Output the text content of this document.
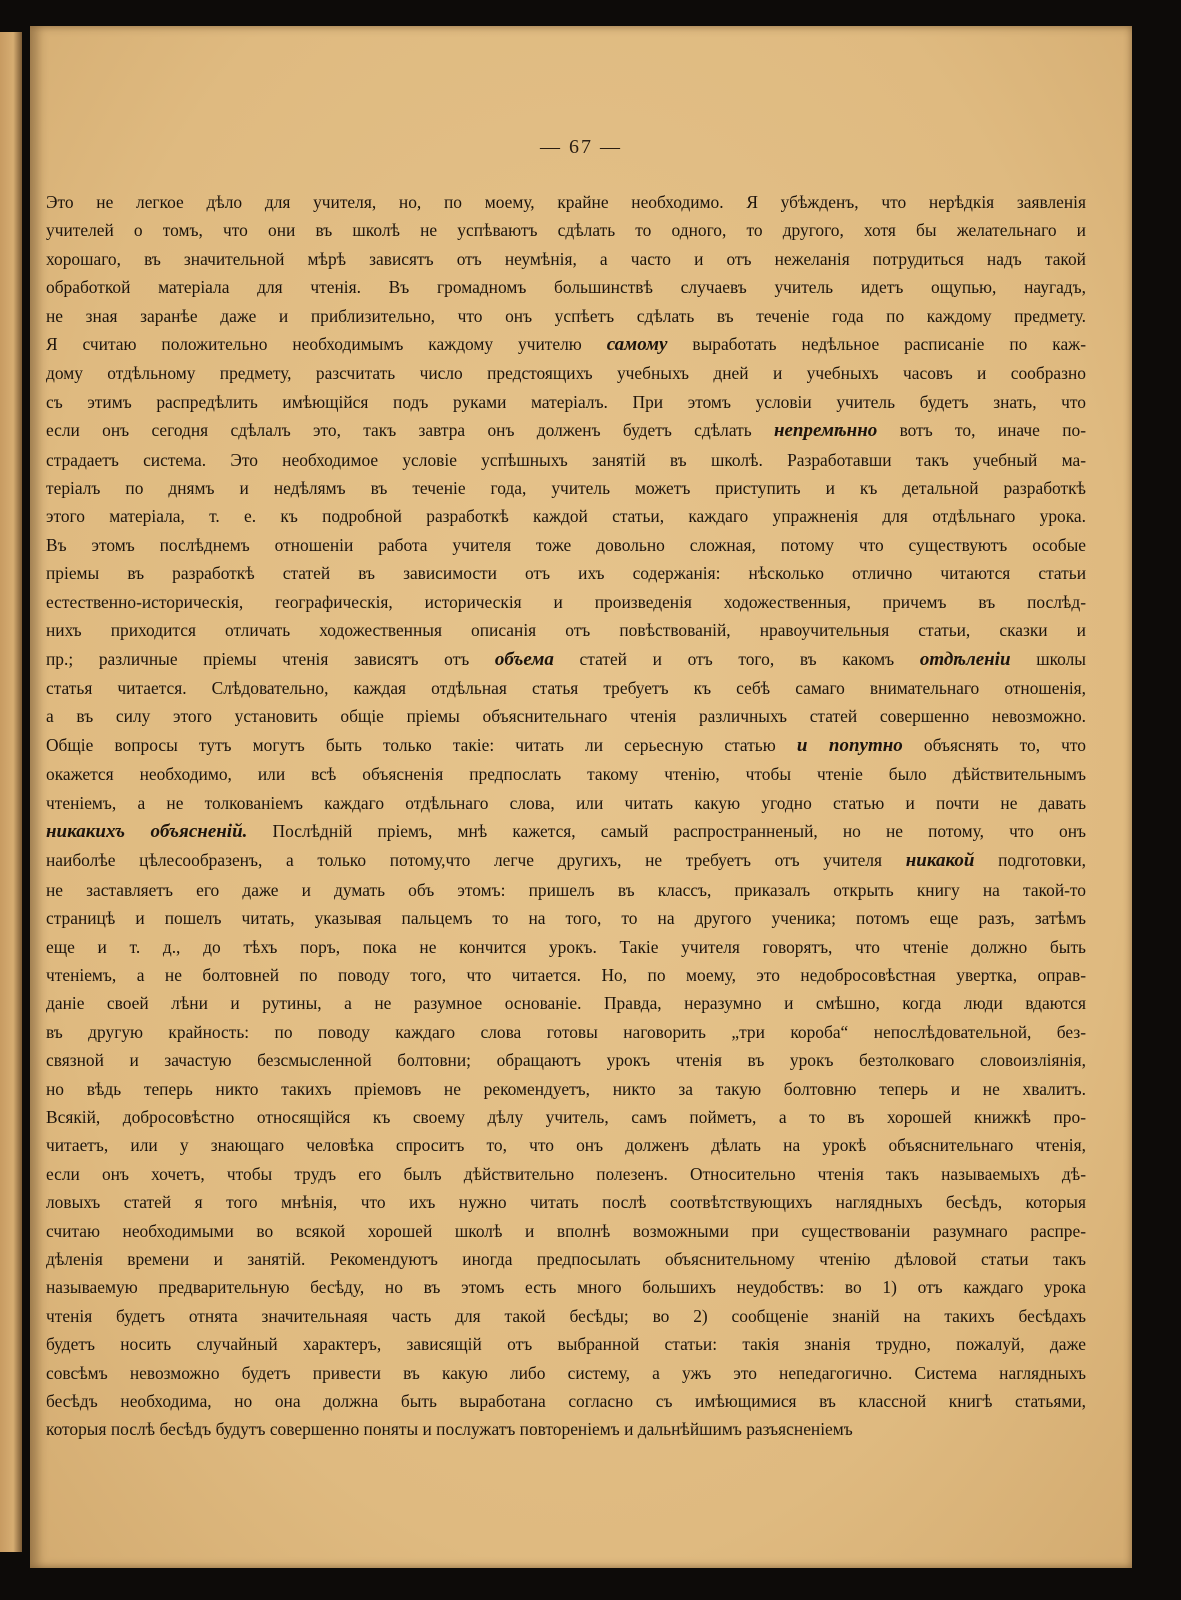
— 67 —
Это не легкое дѣло для учителя, но, по моему, крайне необходимо. Я убѣжденъ, что нерѣдкія заявленія
учителей о томъ, что они въ школѣ не успѣваютъ сдѣлать то одного, то другого, хотя бы желательнаго и
хорошаго, въ значительной мѣрѣ зависятъ отъ неумѣнія, а часто и отъ нежеланія потрудиться надъ такой
обработкой матеріала для чтенія. Въ громадномъ большинствѣ случаевъ учитель идетъ ощупью, наугадъ,
не зная заранѣе даже и приблизительно, что онъ успѣетъ сдѣлать въ теченіе года по каждому предмету.
Я считаю положительно необходимымъ каждому учителю самому выработать недѣльное расписаніе по каж-
дому отдѣльному предмету, разсчитать число предстоящихъ учебныхъ дней и учебныхъ часовъ и сообразно
съ этимъ распредѣлить имѣющійся подъ руками матеріалъ. При этомъ условіи учитель будетъ знать, что
если онъ сегодня сдѣлалъ это, такъ завтра онъ долженъ будетъ сдѣлать непремѣнно вотъ то, иначе по-
страдаетъ система. Это необходимое условіе успѣшныхъ занятій въ школѣ. Разработавши такъ учебный ма-
теріалъ по днямъ и недѣлямъ въ теченіе года, учитель можетъ приступить и къ детальной разработкѣ
этого матеріала, т. е. къ подробной разработкѣ каждой статьи, каждаго упражненія для отдѣльнаго урока.
Въ этомъ послѣднемъ отношеніи работа учителя тоже довольно сложная, потому что существуютъ особые
пріемы въ разработкѣ статей въ зависимости отъ ихъ содержанія: нѣсколько отлично читаются статьи
естественно-историческія, географическія, историческія и произведенія ходожественныя, причемъ въ послѣд-
нихъ приходится отличать ходожественныя описанія отъ повѣствованій, нравоучительныя статьи, сказки и
пр.; различные пріемы чтенія зависятъ отъ объема статей и отъ того, въ какомъ отдѣленіи школы
статья читается. Слѣдовательно, каждая отдѣльная статья требуетъ къ себѣ самаго внимательнаго отношенія,
а въ силу этого установить общіе пріемы объяснительнаго чтенія различныхъ статей совершенно невозможно.
Общіе вопросы тутъ могутъ быть только такіе: читать ли серьесную статью и попутно объяснять то, что
окажется необходимо, или всѣ объясненія предпослать такому чтенію, чтобы чтеніе было дѣйствительнымъ
чтеніемъ, а не толкованіемъ каждаго отдѣльнаго слова, или читать какую угодно статью и почти не давать
никакихъ объясненій. Послѣдній пріемъ, мнѣ кажется, самый распространненый, но не потому, что онъ
наиболѣе цѣлесообразенъ, а только потому,что легче другихъ, не требуетъ отъ учителя никакой подготовки,
не заставляетъ его даже и думать объ этомъ: пришелъ въ классъ, приказалъ открыть книгу на такой-то
страницѣ и пошелъ читать, указывая пальцемъ то на того, то на другого ученика; потомъ еще разъ, затѣмъ
еще и т. д., до тѣхъ поръ, пока не кончится урокъ. Такіе учителя говорятъ, что чтеніе должно быть
чтеніемъ, а не болтовней по поводу того, что читается. Но, по моему, это недобросовѣстная увертка, оправ-
даніе своей лѣни и рутины, а не разумное основаніе. Правда, неразумно и смѣшно, когда люди вдаются
въ другую крайность: по поводу каждаго слова готовы наговорить „три короба“ непослѣдовательной, без-
связной и зачастую безсмысленной болтовни; обращаютъ урокъ чтенія въ урокъ безтолковаго словоизліянія,
но вѣдь теперь никто такихъ пріемовъ не рекомендуетъ, никто за такую болтовню теперь и не хвалитъ.
Всякій, добросовѣстно относящійся къ своему дѣлу учитель, самъ пойметъ, а то въ хорошей книжкѣ про-
читаетъ, или у знающаго человѣка спроситъ то, что онъ долженъ дѣлать на урокѣ объяснительнаго чтенія,
если онъ хочетъ, чтобы трудъ его былъ дѣйствительно полезенъ. Относительно чтенія такъ называемыхъ дѣ-
ловыхъ статей я того мнѣнія, что ихъ нужно читать послѣ соотвѣтствующихъ наглядныхъ бесѣдъ, которыя
считаю необходимыми во всякой хорошей школѣ и вполнѣ возможными при существованіи разумнаго распре-
дѣленія времени и занятій. Рекомендуютъ иногда предпосылать объяснительному чтенію дѣловой статьи такъ
называемую предварительную бесѣду, но въ этомъ есть много большихъ неудобствъ: во 1) отъ каждаго урока
чтенія будетъ отнята значительнаяя часть для такой бесѣды; во 2) сообщеніе знаній на такихъ бесѣдахъ
будетъ носить случайный характеръ, зависящій отъ выбранной статьи: такія знанія трудно, пожалуй, даже
совсѣмъ невозможно будетъ привести въ какую либо систему, а ужъ это непедагогично. Система наглядныхъ
бесѣдъ необходима, но она должна быть выработана согласно съ имѣющимися въ классной книгѣ статьями,
которыя послѣ бесѣдъ будутъ совершенно поняты и послужатъ повтореніемъ и дальнѣйшимъ разъясненіемъ
